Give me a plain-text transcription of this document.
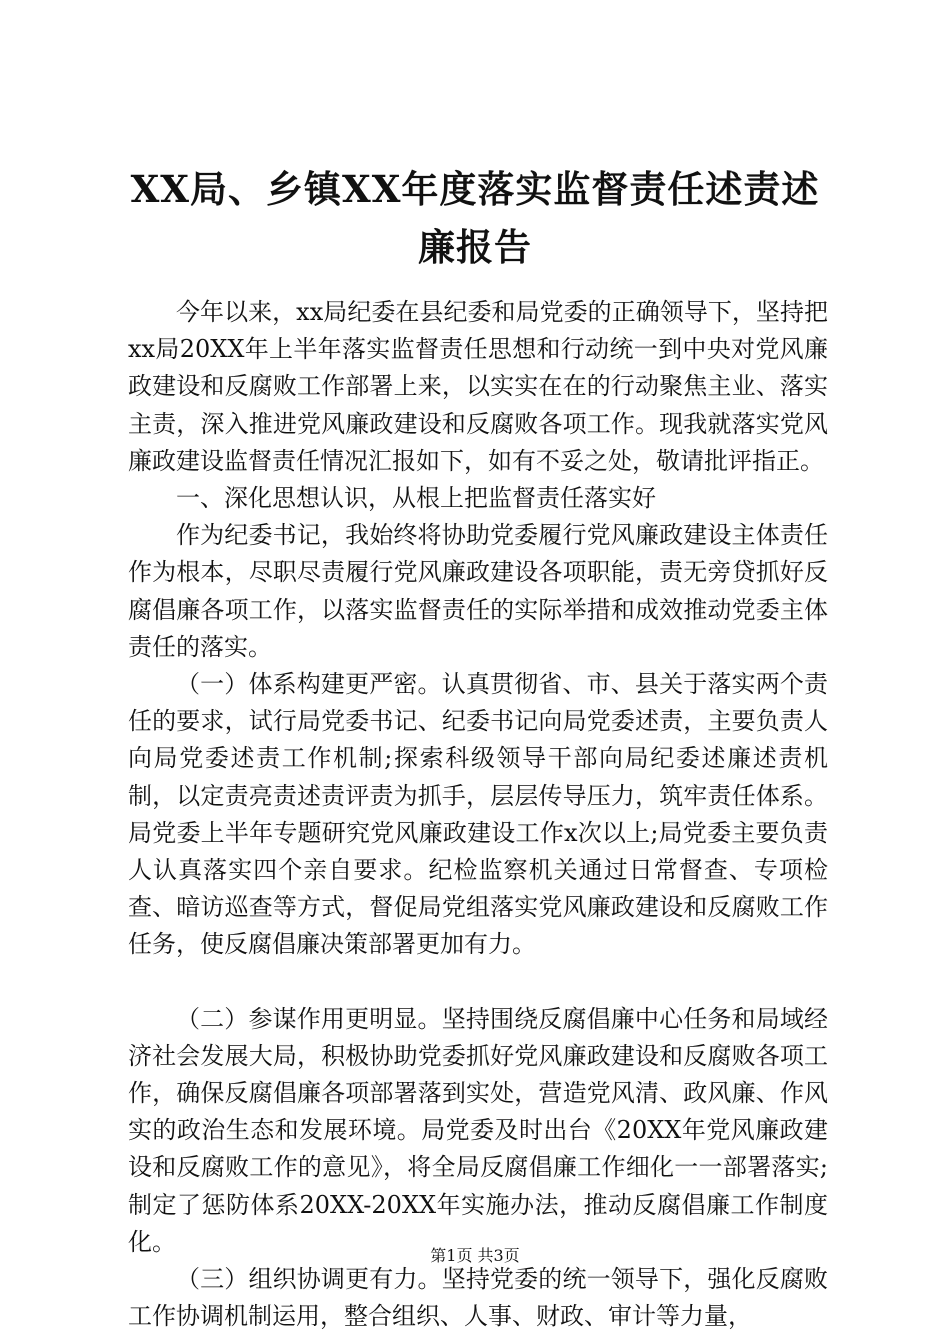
XX局、乡镇XX年度落实监督责任述责述廉报告

今年以来，xx局纪委在县纪委和局党委的正确领导下，坚持把xx局20XX年上半年落实监督责任思想和行动统一到中央对党风廉政建设和反腐败工作部署上来，以实实在在的行动聚焦主业、落实主责，深入推进党风廉政建设和反腐败各项工作。现我就落实党风廉政建设监督责任情况汇报如下，如有不妥之处，敬请批评指正。

一、深化思想认识，从根上把监督责任落实好

作为纪委书记，我始终将协助党委履行党风廉政建设主体责任作为根本，尽职尽责履行党风廉政建设各项职能，责无旁贷抓好反腐倡廉各项工作，以落实监督责任的实际举措和成效推动党委主体责任的落实。

（一）体系构建更严密。认真贯彻省、市、县关于落实两个责任的要求，试行局党委书记、纪委书记向局党委述责，主要负责人向局党委述责工作机制;探索科级领导干部向局纪委述廉述责机制，以定责亮责述责评责为抓手，层层传导压力，筑牢责任体系。局党委上半年专题研究党风廉政建设工作x次以上;局党委主要负责人认真落实四个亲自要求。纪检监察机关通过日常督查、专项检查、暗访巡查等方式，督促局党组落实党风廉政建设和反腐败工作任务，使反腐倡廉决策部署更加有力。

（二）参谋作用更明显。坚持围绕反腐倡廉中心任务和局域经济社会发展大局，积极协助党委抓好党风廉政建设和反腐败各项工作，确保反腐倡廉各项部署落到实处，营造党风清、政风廉、作风实的政治生态和发展环境。局党委及时出台《20XX年党风廉政建设和反腐败工作的意见》，将全局反腐倡廉工作细化一一部署落实;制定了惩防体系20XX-20XX年实施办法，推动反腐倡廉工作制度化。

（三）组织协调更有力。坚持党委的统一领导下，强化反腐败工作协调机制运用，整合组织、人事、财政、审计等力量，

第1页 共3页
